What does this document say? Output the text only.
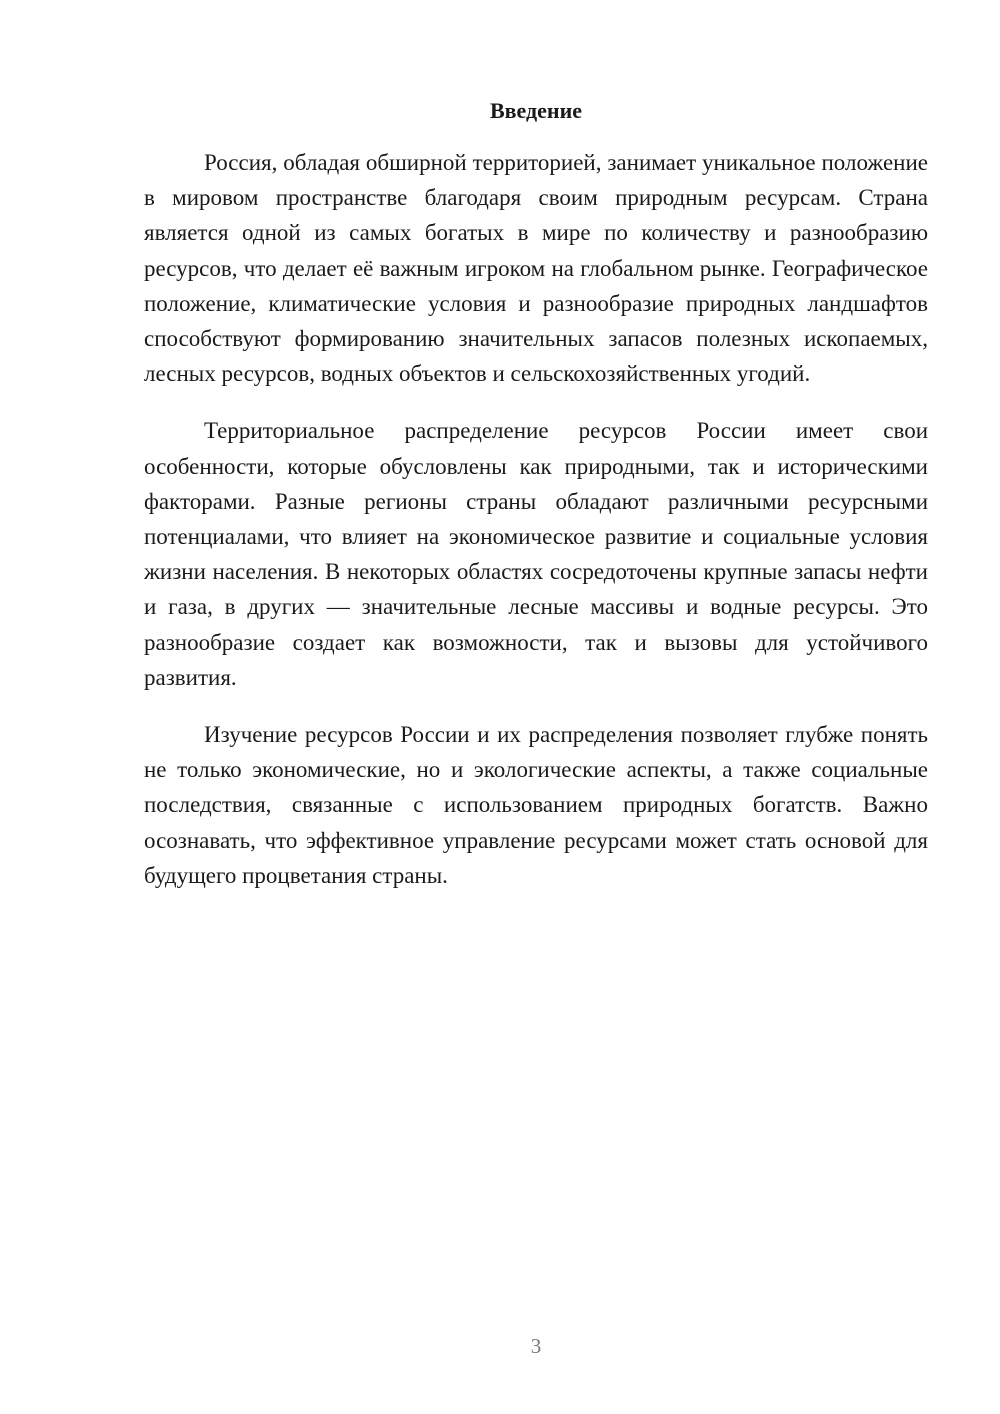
Введение

Россия, обладая обширной территорией, занимает уникальное положение в мировом пространстве благодаря своим природным ресурсам. Страна является одной из самых богатых в мире по количеству и разнообразию ресурсов, что делает её важным игроком на глобальном рынке. Географическое положение, климатические условия и разнообразие природных ландшафтов способствуют формированию значительных запасов полезных ископаемых, лесных ресурсов, водных объектов и сельскохозяйственных угодий.

Территориальное распределение ресурсов России имеет свои особенности, которые обусловлены как природными, так и историческими факторами. Разные регионы страны обладают различными ресурсными потенциалами, что влияет на экономическое развитие и социальные условия жизни населения. В некоторых областях сосредоточены крупные запасы нефти и газа, в других — значительные лесные массивы и водные ресурсы. Это разнообразие создает как возможности, так и вызовы для устойчивого развития.

Изучение ресурсов России и их распределения позволяет глубже понять не только экономические, но и экологические аспекты, а также социальные последствия, связанные с использованием природных богатств. Важно осознавать, что эффективное управление ресурсами может стать основой для будущего процветания страны.

3
